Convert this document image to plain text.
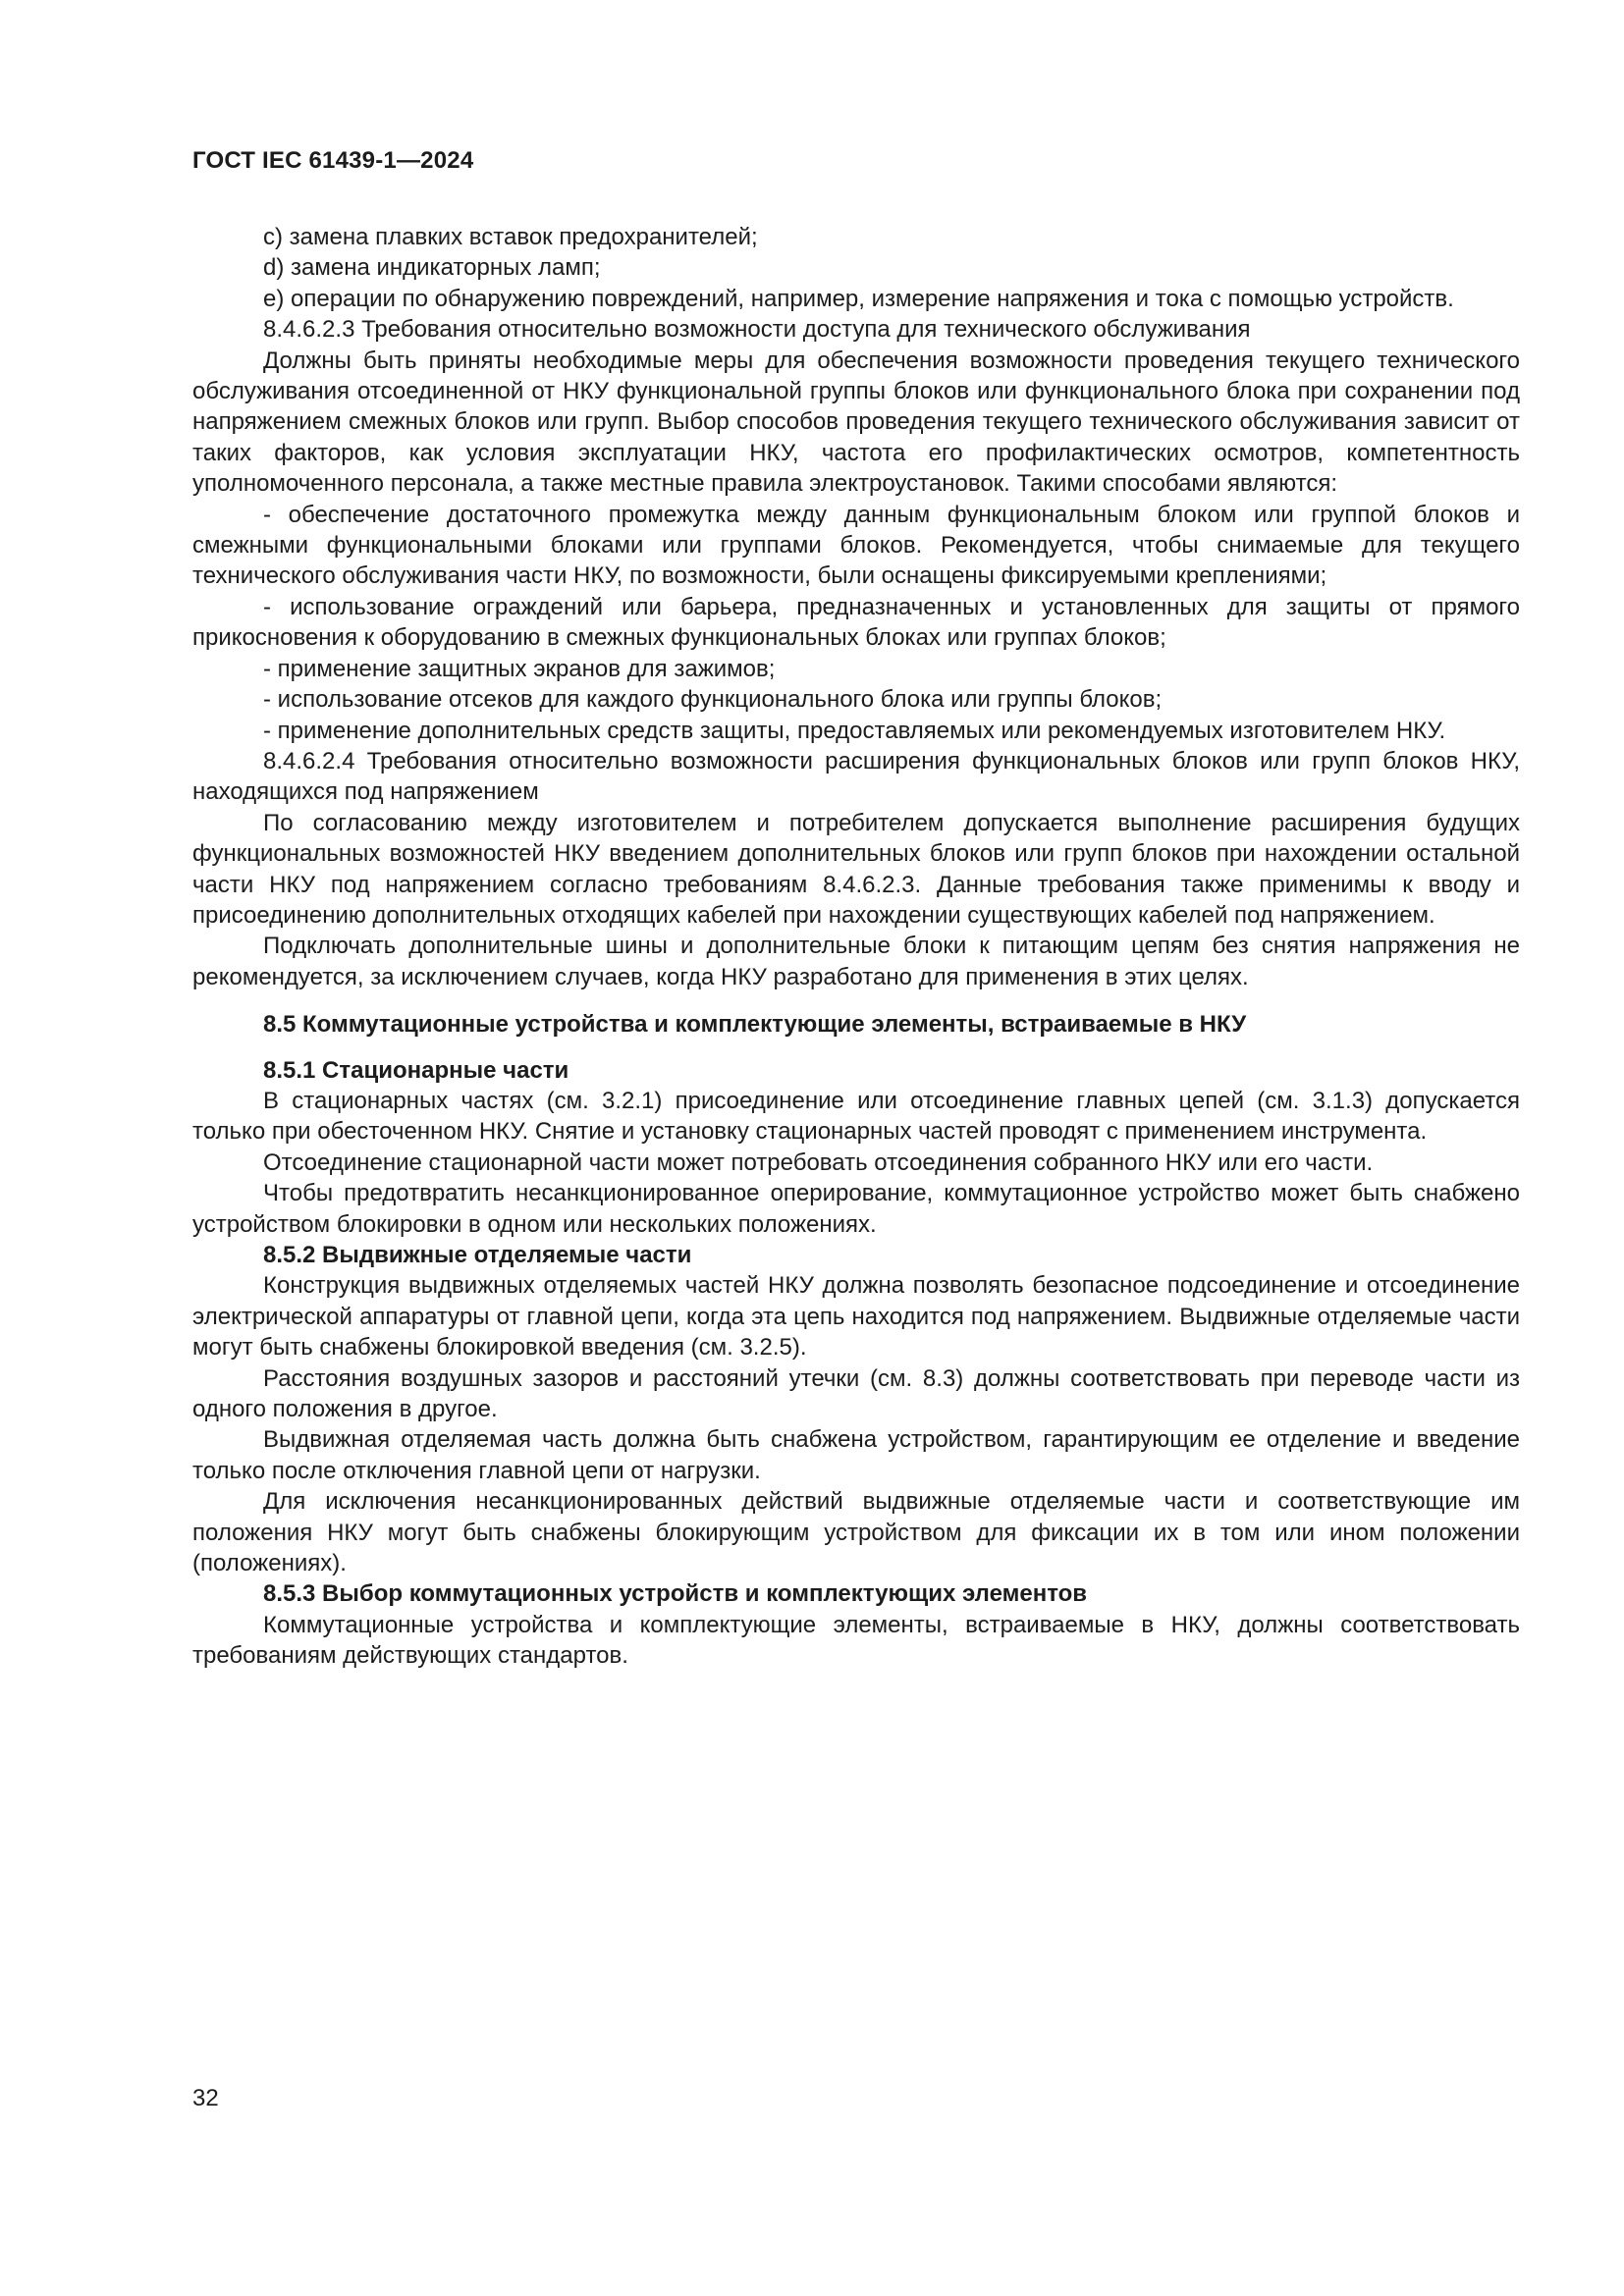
ГОСТ IEC 61439-1—2024

с) замена плавких вставок предохранителей;

d) замена индикаторных ламп;

е) операции по обнаружению повреждений, например, измерение напряжения и тока с помощью устройств.

8.4.6.2.3 Требования относительно возможности доступа для технического обслуживания

Должны быть приняты необходимые меры для обеспечения возможности проведения текущего технического обслуживания отсоединенной от НКУ функциональной группы блоков или функционального блока при сохранении под напряжением смежных блоков или групп. Выбор способов проведения текущего технического обслуживания зависит от таких факторов, как условия эксплуатации НКУ, частота его профилактических осмотров, компетентность уполномоченного персонала, а также местные правила электроустановок. Такими способами являются:

- обеспечение достаточного промежутка между данным функциональным блоком или группой блоков и смежными функциональными блоками или группами блоков. Рекомендуется, чтобы снимаемые для текущего технического обслуживания части НКУ, по возможности, были оснащены фиксируемыми креплениями;

- использование ограждений или барьера, предназначенных и установленных для защиты от прямого прикосновения к оборудованию в смежных функциональных блоках или группах блоков;

- применение защитных экранов для зажимов;

- использование отсеков для каждого функционального блока или группы блоков;

- применение дополнительных средств защиты, предоставляемых или рекомендуемых изготовителем НКУ.

8.4.6.2.4 Требования относительно возможности расширения функциональных блоков или групп блоков НКУ, находящихся под напряжением

По согласованию между изготовителем и потребителем допускается выполнение расширения будущих функциональных возможностей НКУ введением дополнительных блоков или групп блоков при нахождении остальной части НКУ под напряжением согласно требованиям 8.4.6.2.3. Данные требования также применимы к вводу и присоединению дополнительных отходящих кабелей при нахождении существующих кабелей под напряжением.

Подключать дополнительные шины и дополнительные блоки к питающим цепям без снятия напряжения не рекомендуется, за исключением случаев, когда НКУ разработано для применения в этих целях.

8.5 Коммутационные устройства и комплектующие элементы, встраиваемые в НКУ

8.5.1 Стационарные части

В стационарных частях (см. 3.2.1) присоединение или отсоединение главных цепей (см. 3.1.3) допускается только при обесточенном НКУ. Снятие и установку стационарных частей проводят с применением инструмента.

Отсоединение стационарной части может потребовать отсоединения собранного НКУ или его части.

Чтобы предотвратить несанкционированное оперирование, коммутационное устройство может быть снабжено устройством блокировки в одном или нескольких положениях.

8.5.2 Выдвижные отделяемые части

Конструкция выдвижных отделяемых частей НКУ должна позволять безопасное подсоединение и отсоединение электрической аппаратуры от главной цепи, когда эта цепь находится под напряжением. Выдвижные отделяемые части могут быть снабжены блокировкой введения (см. 3.2.5).

Расстояния воздушных зазоров и расстояний утечки (см. 8.3) должны соответствовать при переводе части из одного положения в другое.

Выдвижная отделяемая часть должна быть снабжена устройством, гарантирующим ее отделение и введение только после отключения главной цепи от нагрузки.

Для исключения несанкционированных действий выдвижные отделяемые части и соответствующие им положения НКУ могут быть снабжены блокирующим устройством для фиксации их в том или ином положении (положениях).

8.5.3 Выбор коммутационных устройств и комплектующих элементов

Коммутационные устройства и комплектующие элементы, встраиваемые в НКУ, должны соответствовать требованиям действующих стандартов.

32
